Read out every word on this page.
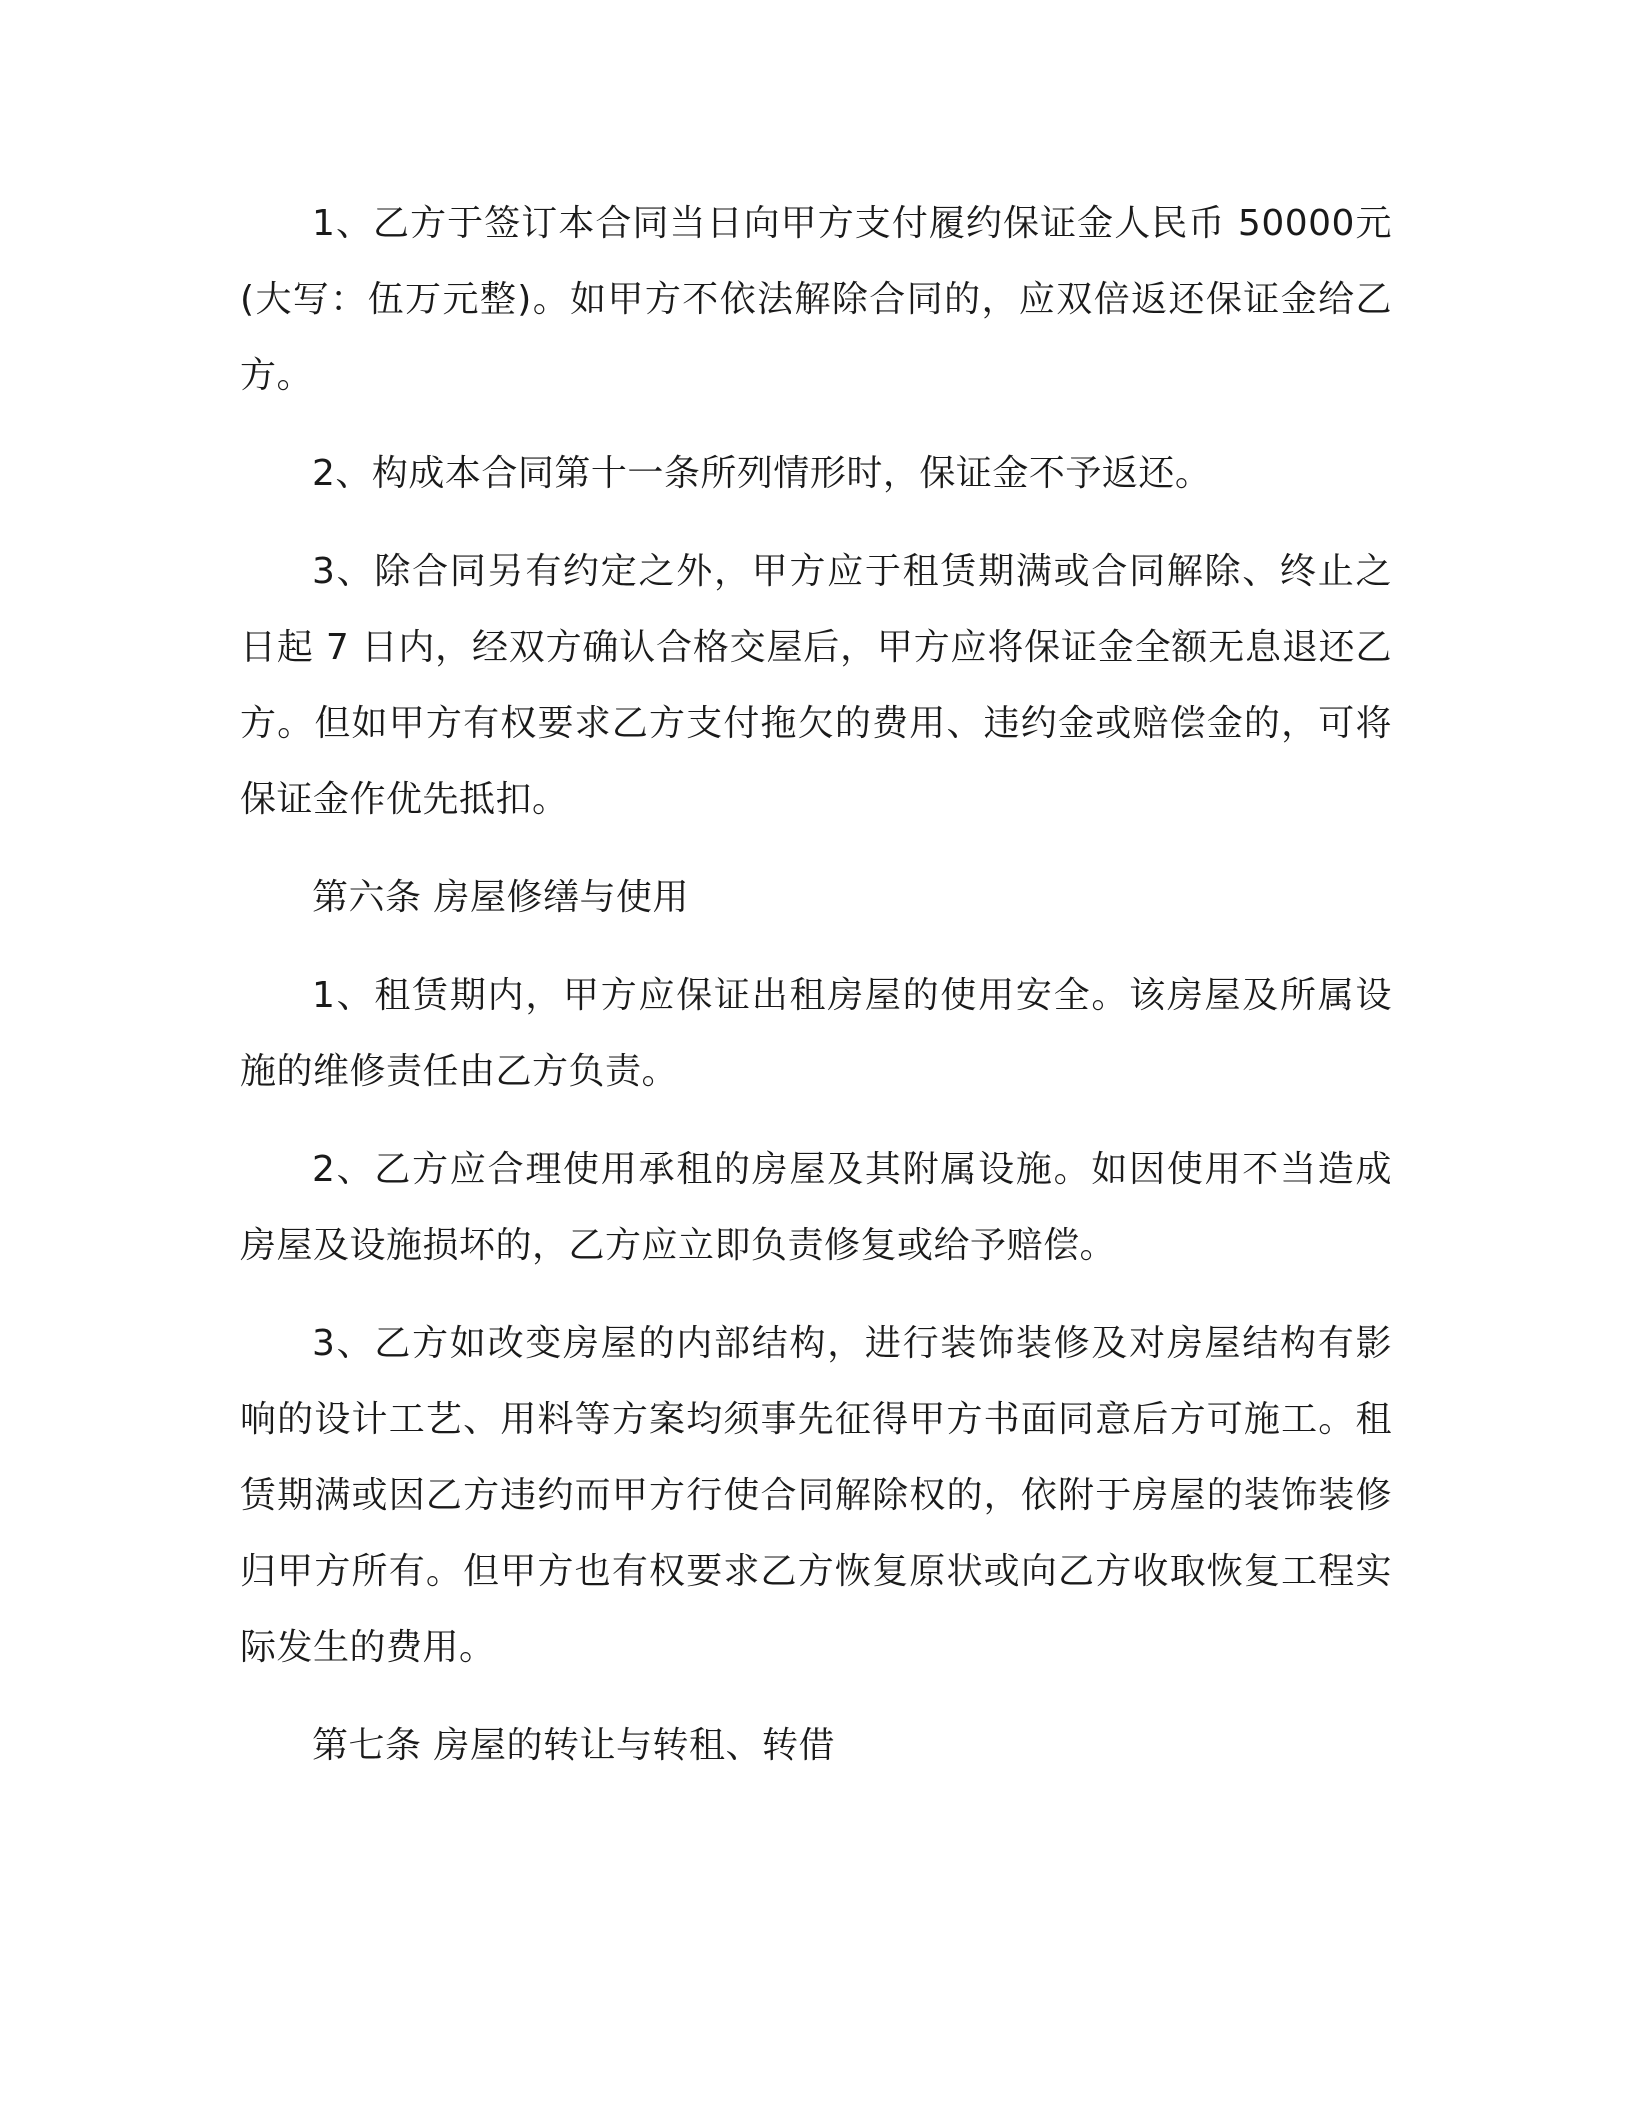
1、乙方于签订本合同当日向甲方支付履约保证金人民币 50000元(大写：伍万元整)。如甲方不依法解除合同的，应双倍返还保证金给乙方。

2、构成本合同第十一条所列情形时，保证金不予返还。

3、除合同另有约定之外，甲方应于租赁期满或合同解除、终止之日起 7 日内，经双方确认合格交屋后，甲方应将保证金全额无息退还乙方。但如甲方有权要求乙方支付拖欠的费用、违约金或赔偿金的，可将保证金作优先抵扣。

第六条 房屋修缮与使用

1、租赁期内，甲方应保证出租房屋的使用安全。该房屋及所属设施的维修责任由乙方负责。

2、乙方应合理使用承租的房屋及其附属设施。如因使用不当造成房屋及设施损坏的，乙方应立即负责修复或给予赔偿。

3、乙方如改变房屋的内部结构，进行装饰装修及对房屋结构有影响的设计工艺、用料等方案均须事先征得甲方书面同意后方可施工。租赁期满或因乙方违约而甲方行使合同解除权的，依附于房屋的装饰装修归甲方所有。但甲方也有权要求乙方恢复原状或向乙方收取恢复工程实际发生的费用。

第七条 房屋的转让与转租、转借
